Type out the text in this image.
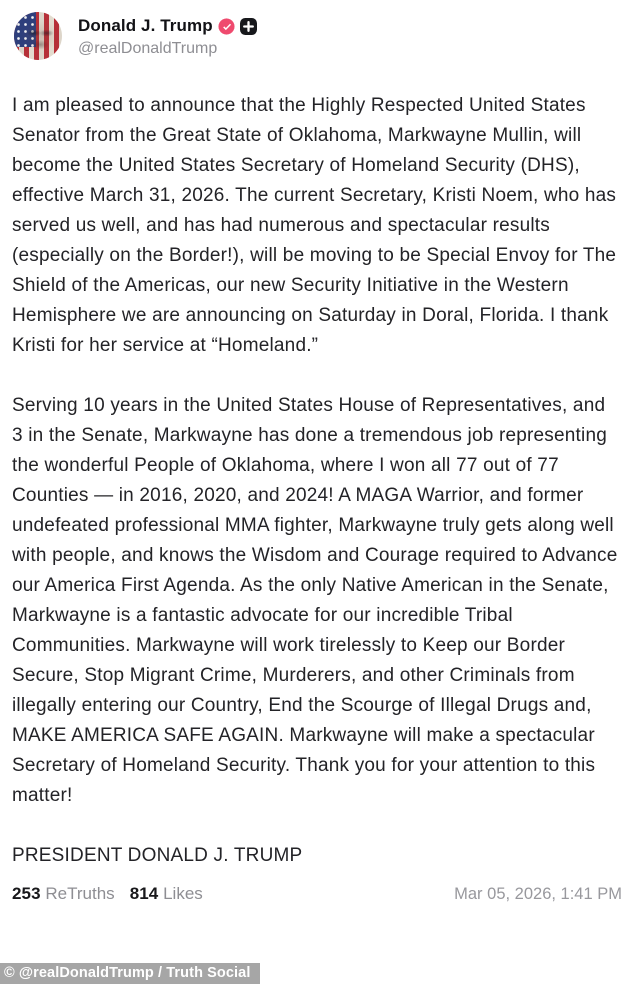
Donald J. Trump
@realDonaldTrump

I am pleased to announce that the Highly Respected United States Senator from the Great State of Oklahoma, Markwayne Mullin, will become the United States Secretary of Homeland Security (DHS), effective March 31, 2026. The current Secretary, Kristi Noem, who has served us well, and has had numerous and spectacular results (especially on the Border!), will be moving to be Special Envoy for The Shield of the Americas, our new Security Initiative in the Western Hemisphere we are announcing on Saturday in Doral, Florida. I thank Kristi for her service at “Homeland.”

Serving 10 years in the United States House of Representatives, and 3 in the Senate, Markwayne has done a tremendous job representing the wonderful People of Oklahoma, where I won all 77 out of 77 Counties — in 2016, 2020, and 2024! A MAGA Warrior, and former undefeated professional MMA fighter, Markwayne truly gets along well with people, and knows the Wisdom and Courage required to Advance our America First Agenda. As the only Native American in the Senate, Markwayne is a fantastic advocate for our incredible Tribal Communities. Markwayne will work tirelessly to Keep our Border Secure, Stop Migrant Crime, Murderers, and other Criminals from illegally entering our Country, End the Scourge of Illegal Drugs and, MAKE AMERICA SAFE AGAIN. Markwayne will make a spectacular Secretary of Homeland Security. Thank you for your attention to this matter!

PRESIDENT DONALD J. TRUMP

253 ReTruths 814 Likes	Mar 05, 2026, 1:41 PM
© @realDonaldTrump / Truth Social
